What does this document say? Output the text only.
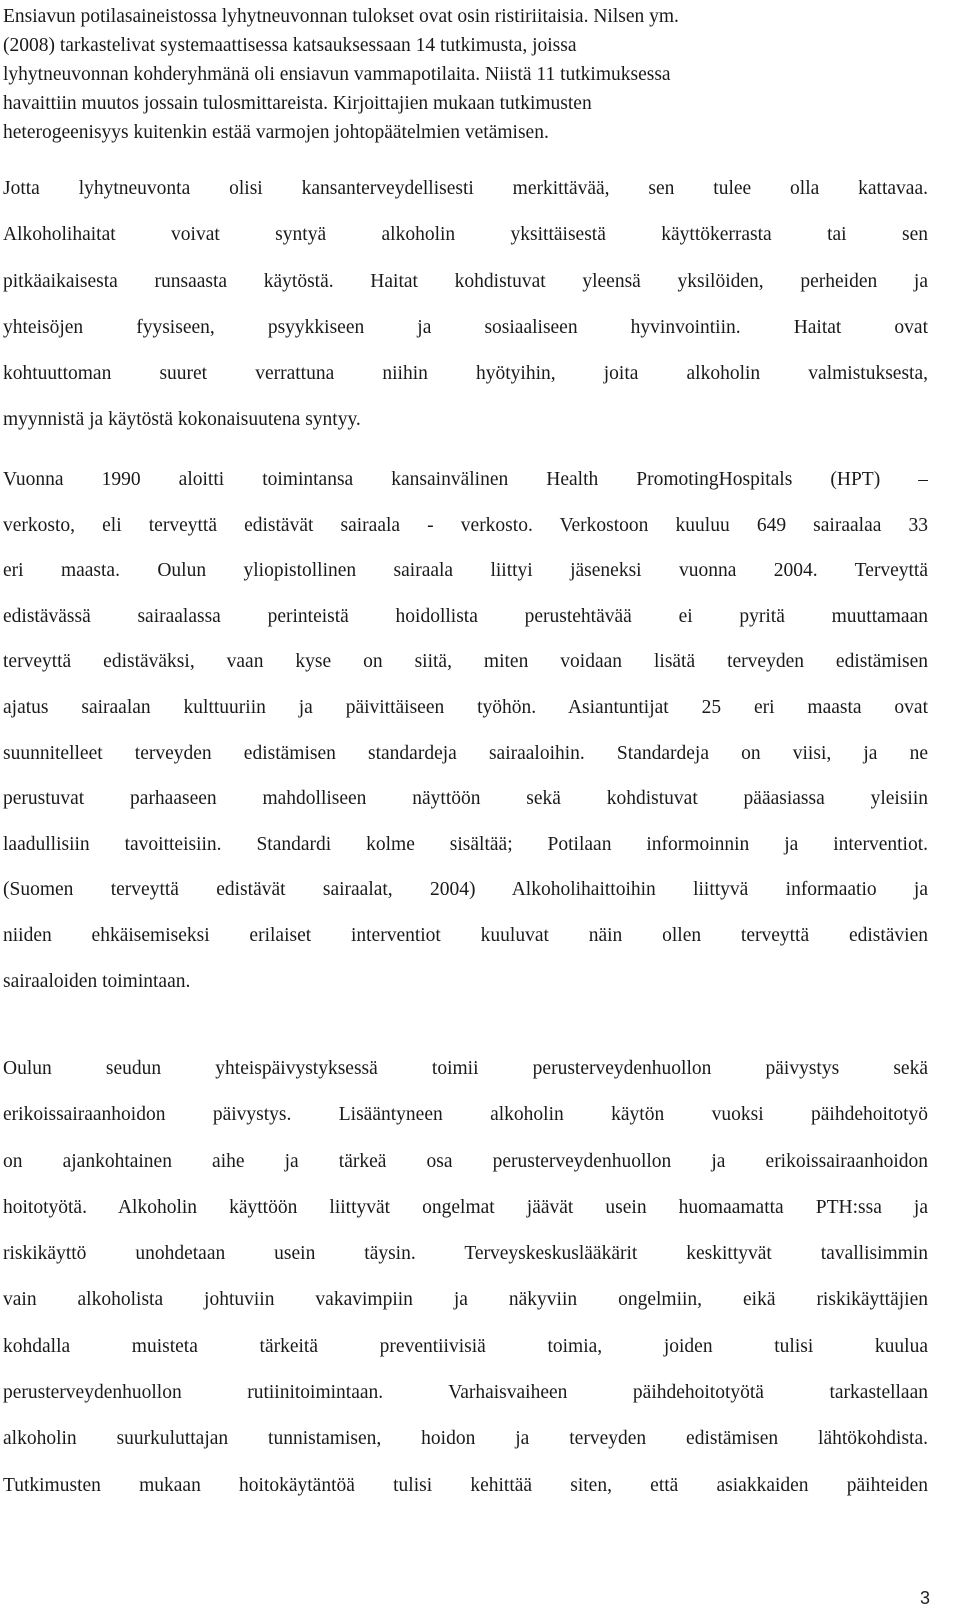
Ensiavun potilasaineistossa lyhytneuvonnan tulokset ovat osin ristiriitaisia. Nilsen ym.
(2008) tarkastelivat systemaattisessa katsauksessaan 14 tutkimusta, joissa
lyhytneuvonnan kohderyhmänä oli ensiavun vammapotilaita. Niistä 11 tutkimuksessa
havaittiin muutos jossain tulosmittareista. Kirjoittajien mukaan tutkimusten
heterogeenisyys kuitenkin estää varmojen johtopäätelmien vetämisen.
Jotta lyhytneuvonta olisi kansanterveydellisesti merkittävää, sen tulee olla kattavaa.
Alkoholihaitat voivat syntyä alkoholin yksittäisestä käyttökerrasta tai sen
pitkäaikaisesta runsaasta käytöstä. Haitat kohdistuvat yleensä yksilöiden, perheiden ja
yhteisöjen fyysiseen, psyykkiseen ja sosiaaliseen hyvinvointiin. Haitat ovat
kohtuuttoman suuret verrattuna niihin hyötyihin, joita alkoholin valmistuksesta,
myynnistä ja käytöstä kokonaisuutena syntyy.
Vuonna 1990 aloitti toimintansa kansainvälinen Health PromotingHospitals (HPT) –
verkosto, eli terveyttä edistävät sairaala - verkosto. Verkostoon kuuluu 649 sairaalaa 33
eri maasta. Oulun yliopistollinen sairaala liittyi jäseneksi vuonna 2004. Terveyttä
edistävässä sairaalassa perinteistä hoidollista perustehtävää ei pyritä muuttamaan
terveyttä edistäväksi, vaan kyse on siitä, miten voidaan lisätä terveyden edistämisen
ajatus sairaalan kulttuuriin ja päivittäiseen työhön. Asiantuntijat 25 eri maasta ovat
suunnitelleet terveyden edistämisen standardeja sairaaloihin. Standardeja on viisi, ja ne
perustuvat parhaaseen mahdolliseen näyttöön sekä kohdistuvat pääasiassa yleisiin
laadullisiin tavoitteisiin. Standardi kolme sisältää; Potilaan informoinnin ja interventiot.
(Suomen terveyttä edistävät sairaalat, 2004) Alkoholihaittoihin liittyvä informaatio ja
niiden ehkäisemiseksi erilaiset interventiot kuuluvat näin ollen terveyttä edistävien
sairaaloiden toimintaan.
Oulun seudun yhteispäivystyksessä toimii perusterveydenhuollon päivystys sekä
erikoissairaanhoidon päivystys. Lisääntyneen alkoholin käytön vuoksi päihdehoitotyö
on ajankohtainen aihe ja tärkeä osa perusterveydenhuollon ja erikoissairaanhoidon
hoitotyötä. Alkoholin käyttöön liittyvät ongelmat jäävät usein huomaamatta PTH:ssa ja
riskikäyttö unohdetaan usein täysin. Terveyskeskuslääkärit keskittyvät tavallisimmin
vain alkoholista johtuviin vakavimpiin ja näkyviin ongelmiin, eikä riskikäyttäjien
kohdalla muisteta tärkeitä preventiivisiä toimia, joiden tulisi kuulua
perusterveydenhuollon rutiinitoimintaan. Varhaisvaiheen päihdehoitotyötä tarkastellaan
alkoholin suurkuluttajan tunnistamisen, hoidon ja terveyden edistämisen lähtökohdista.
Tutkimusten mukaan hoitokäytäntöä tulisi kehittää siten, että asiakkaiden päihteiden
3
